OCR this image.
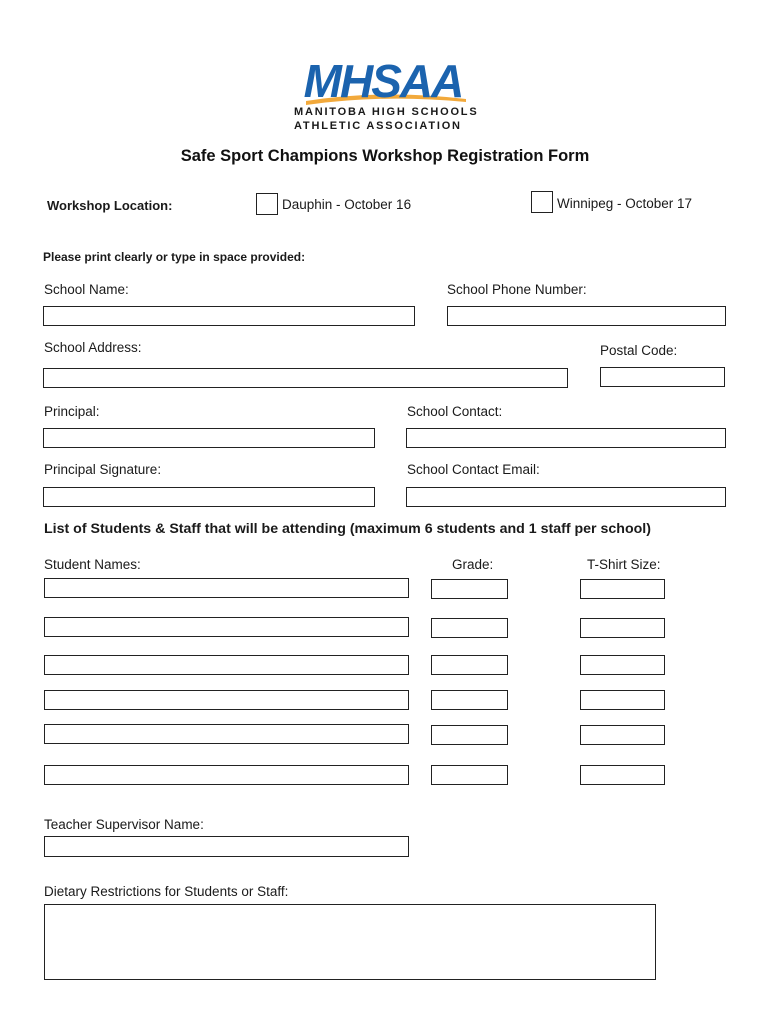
MHSAA
MANITOBA HIGH SCHOOLS
ATHLETIC ASSOCIATION
Safe Sport Champions Workshop Registration Form
Workshop Location:	Dauphin - October 16	Winnipeg - October 17
Please print clearly or type in space provided:
School Name:	School Phone Number:
School Address:	Postal Code:
Principal:	School Contact:
Principal Signature:	School Contact Email:
List of Students & Staff that will be attending (maximum 6 students and 1 staff per school)
Student Names:	Grade:	T-Shirt Size:
Teacher Supervisor Name:
Dietary Restrictions for Students or Staff:
